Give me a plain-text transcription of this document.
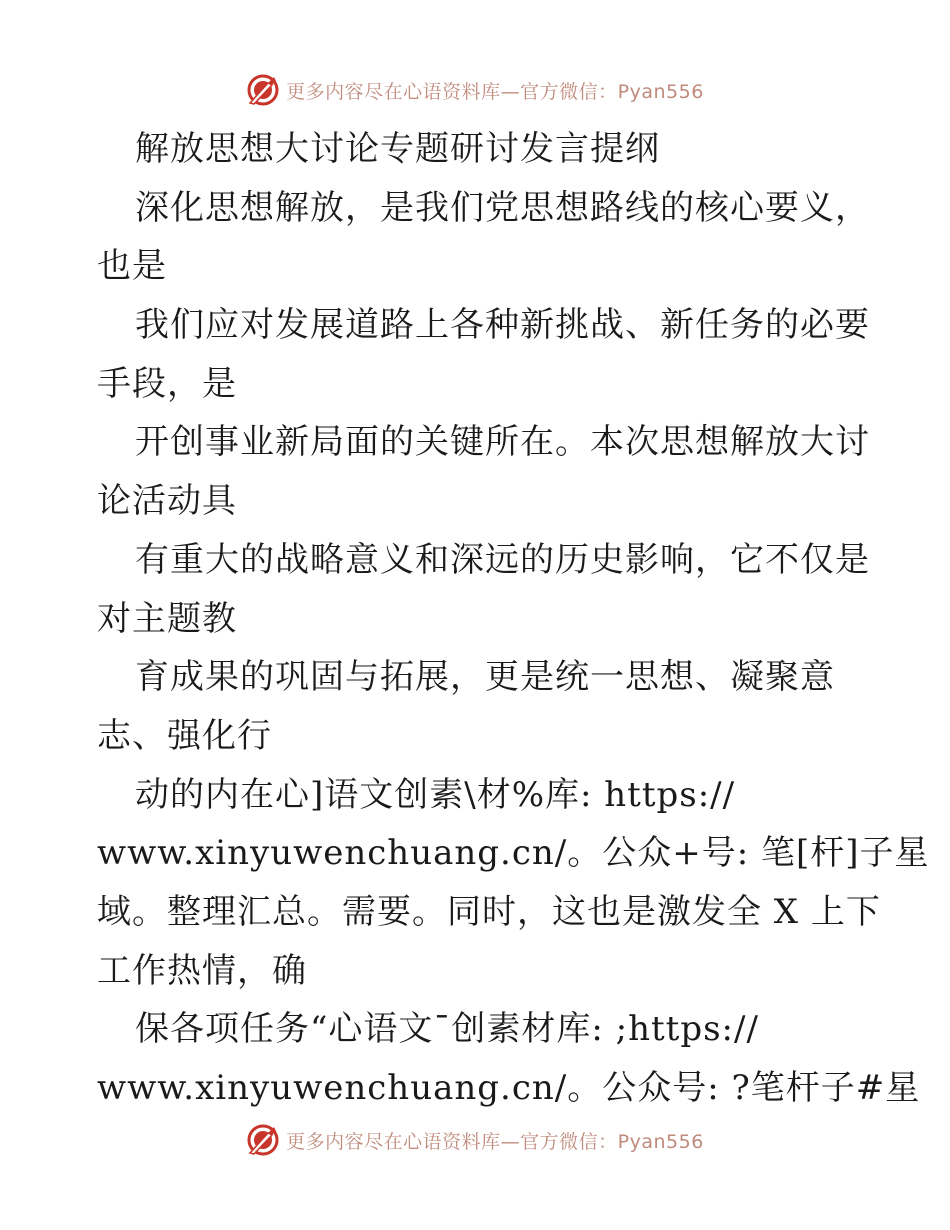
更多内容尽在心语资料库—官方微信：Pyan556
解放思想大讨论专题研讨发言提纲
深化思想解放，是我们党思想路线的核心要义，
也是
我们应对发展道路上各种新挑战、新任务的必要
手段，是
开创事业新局面的关键所在。本次思想解放大讨
论活动具
有重大的战略意义和深远的历史影响，它不仅是
对主题教
育成果的巩固与拓展，更是统一思想、凝聚意
志、强化行
动的内在心]语文创素\材%库: https://
www.xinyuwenchuang.cn/。公众+号: 笔[杆]子星
域。整理汇总。需要。同时，这也是激发全 X 上下
工作热情，确
保各项任务“心语文¯创素材库: ;https://
www.xinyuwenchuang.cn/。公众号: ?笔杆子#星
更多内容尽在心语资料库—官方微信：Pyan556
